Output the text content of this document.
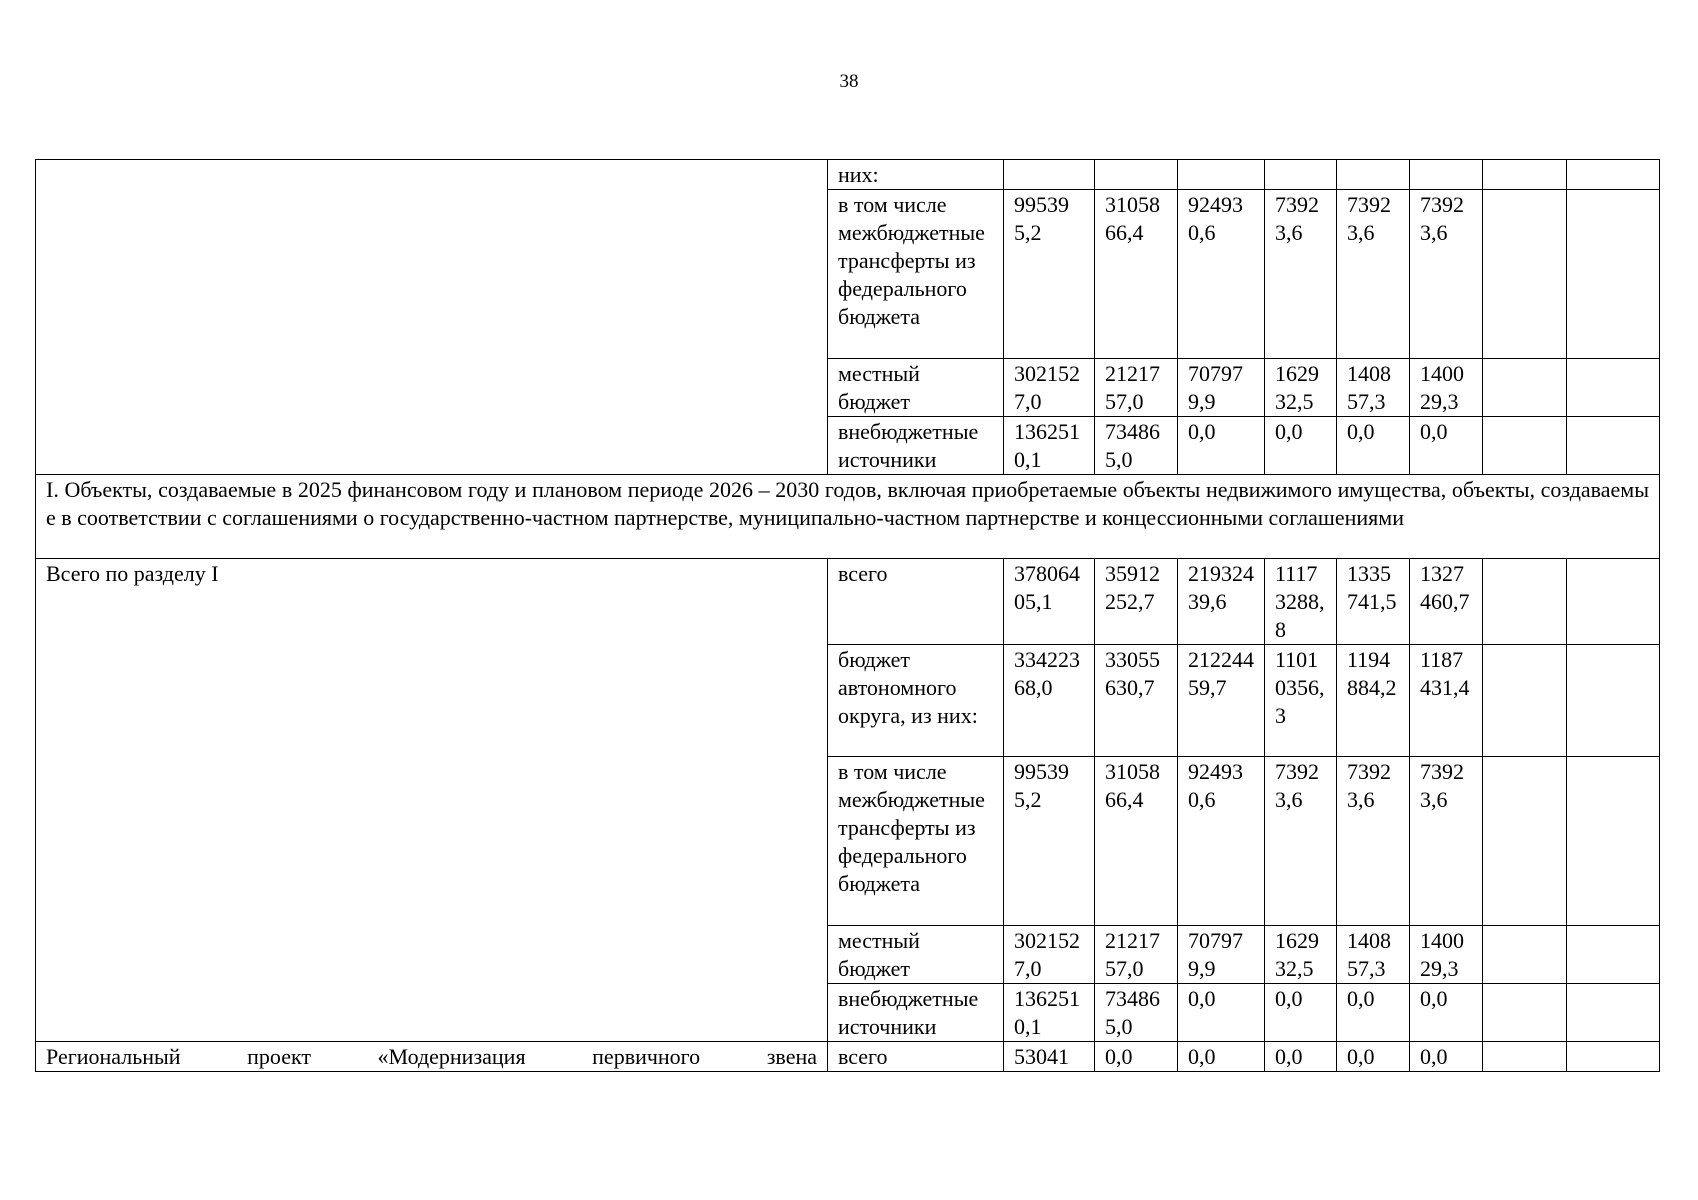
38
	них:								
	в том числе межбюджетные трансферты из федерального бюджета	995395,2	3105866,4	924930,6	73923,6	73923,6	73923,6		
	местный бюджет	3021527,0	2121757,0	707979,9	162932,5	140857,3	140029,3		
	внебюджетные источники	1362510,1	734865,0	0,0	0,0	0,0	0,0		
I. Объекты, создаваемые в 2025 финансовом году и плановом периоде 2026 – 2030 годов, включая приобретаемые объекты недвижимого имущества, объекты, создаваемые в соответствии с соглашениями о государственно-частном партнерстве, муниципально-частном партнерстве и концессионными соглашениями									
Всего по разделу I	всего	37806405,1	35912252,7	21932439,6	11173288,8	1335741,5	1327460,7		
	бюджет автономного округа, из них:	33422368,0	33055630,7	21224459,7	11010356,3	1194884,2	1187431,4		
	в том числе межбюджетные трансферты из федерального бюджета	995395,2	3105866,4	924930,6	73923,6	73923,6	73923,6		
	местный бюджет	3021527,0	2121757,0	707979,9	162932,5	140857,3	140029,3		
	внебюджетные источники	1362510,1	734865,0	0,0	0,0	0,0	0,0		
Региональный проект «Модернизация первичного звена	всего	53041	0,0	0,0	0,0	0,0	0,0		
